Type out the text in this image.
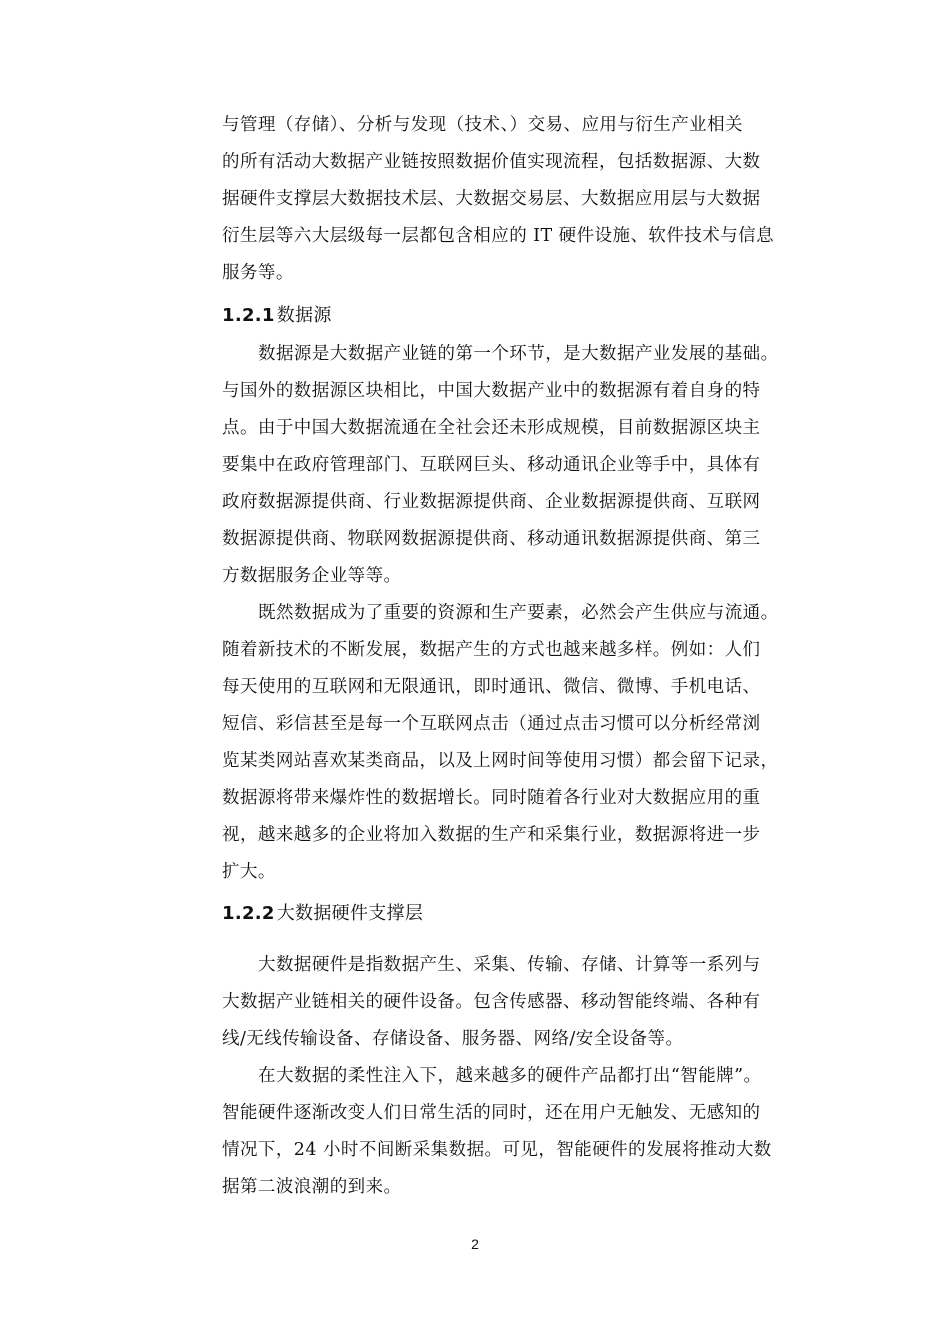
与管理（存储）、分析与发现（技术、）交易、应用与衍生产业相关
的所有活动大数据产业链按照数据价值实现流程，包括数据源、大数
据硬件支撑层大数据技术层、大数据交易层、大数据应用层与大数据
衍生层等六大层级每一层都包含相应的 IT 硬件设施、软件技术与信息
服务等。
1.2.1 数据源
数据源是大数据产业链的第一个环节，是大数据产业发展的基础。
与国外的数据源区块相比，中国大数据产业中的数据源有着自身的特
点。由于中国大数据流通在全社会还未形成规模，目前数据源区块主
要集中在政府管理部门、互联网巨头、移动通讯企业等手中，具体有
政府数据源提供商、行业数据源提供商、企业数据源提供商、互联网
数据源提供商、物联网数据源提供商、移动通讯数据源提供商、第三
方数据服务企业等等。
既然数据成为了重要的资源和生产要素，必然会产生供应与流通。
随着新技术的不断发展，数据产生的方式也越来越多样。例如：人们
每天使用的互联网和无限通讯，即时通讯、微信、微博、手机电话、
短信、彩信甚至是每一个互联网点击（通过点击习惯可以分析经常浏
览某类网站喜欢某类商品，以及上网时间等使用习惯）都会留下记录，
数据源将带来爆炸性的数据增长。同时随着各行业对大数据应用的重
视，越来越多的企业将加入数据的生产和采集行业，数据源将进一步
扩大。
1.2.2 大数据硬件支撑层
大数据硬件是指数据产生、采集、传输、存储、计算等一系列与
大数据产业链相关的硬件设备。包含传感器、移动智能终端、各种有
线/无线传输设备、存储设备、服务器、网络/安全设备等。
在大数据的柔性注入下，越来越多的硬件产品都打出“智能牌”。
智能硬件逐渐改变人们日常生活的同时，还在用户无触发、无感知的
情况下，24 小时不间断采集数据。可见，智能硬件的发展将推动大数
据第二波浪潮的到来。
2
